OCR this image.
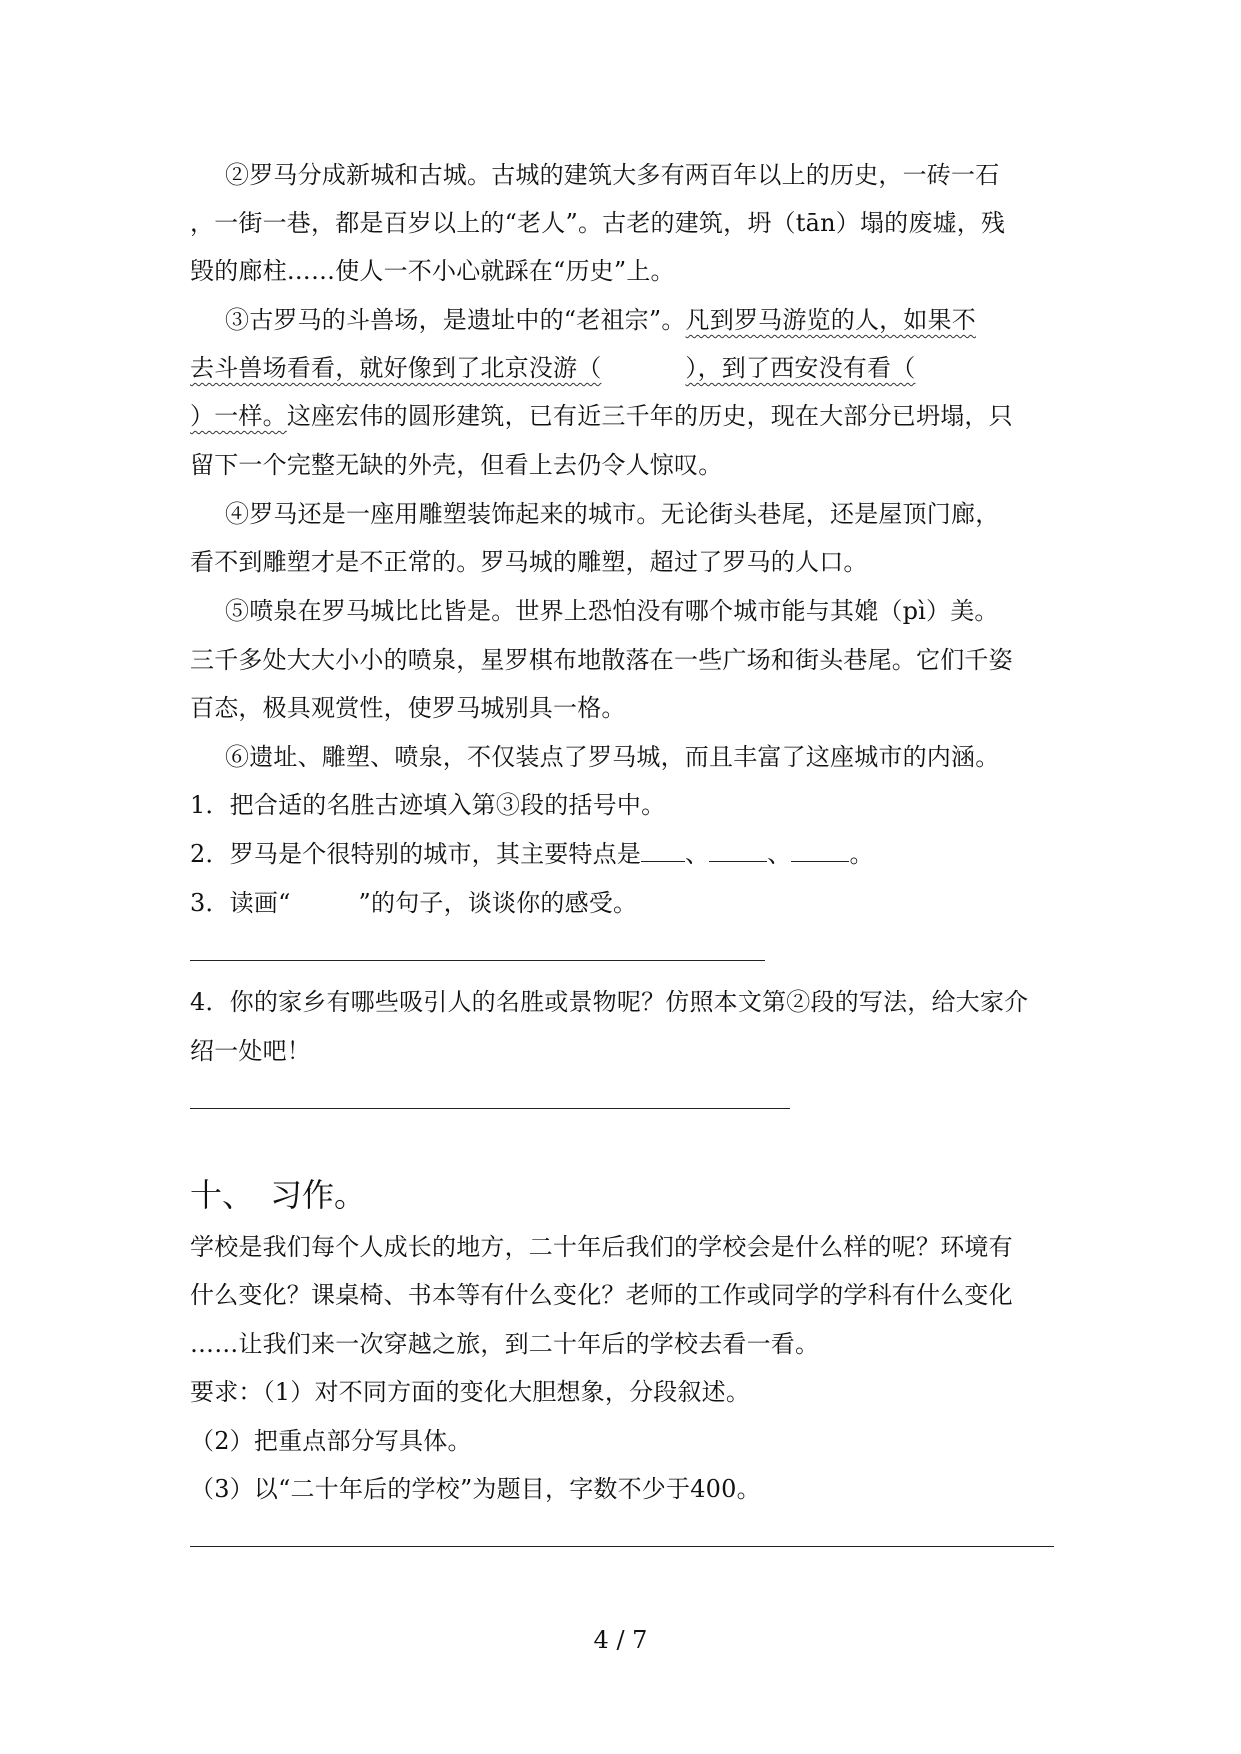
②罗马分成新城和古城。古城的建筑大多有两百年以上的历史，一砖一石
，一街一巷，都是百岁以上的“老人”。古老的建筑，坍（tān）塌的废墟，残
毁的廊柱……使人一不小心就踩在“历史”上。
③古罗马的斗兽场，是遗址中的“老祖宗”。凡到罗马游览的人，如果不
去斗兽场看看，就好像到了北京没游（	），到了西安没有看（
）一样。这座宏伟的圆形建筑，已有近三千年的历史，现在大部分已坍塌，只
留下一个完整无缺的外壳，但看上去仍令人惊叹。
④罗马还是一座用雕塑装饰起来的城市。无论街头巷尾，还是屋顶门廊，
看不到雕塑才是不正常的。罗马城的雕塑，超过了罗马的人口。
⑤喷泉在罗马城比比皆是。世界上恐怕没有哪个城市能与其媲（pì）美。
三千多处大大小小的喷泉，星罗棋布地散落在一些广场和街头巷尾。它们千姿
百态，极具观赏性，使罗马城别具一格。
⑥遗址、雕塑、喷泉，不仅装点了罗马城，而且丰富了这座城市的内涵。
1．把合适的名胜古迹填入第③段的括号中。
2．罗马是个很特别的城市，其主要特点是 、 、 。
3．读画“	”的句子，谈谈你的感受。
4．你的家乡有哪些吸引人的名胜或景物呢？仿照本文第②段的写法，给大家介
绍一处吧！
十、 习作。
学校是我们每个人成长的地方，二十年后我们的学校会是什么样的呢？环境有
什么变化？课桌椅、书本等有什么变化？老师的工作或同学的学科有什么变化
……让我们来一次穿越之旅，到二十年后的学校去看一看。
要求：（1）对不同方面的变化大胆想象，分段叙述。
（2）把重点部分写具体。
（3）以“二十年后的学校”为题目，字数不少于400。
4 / 7
